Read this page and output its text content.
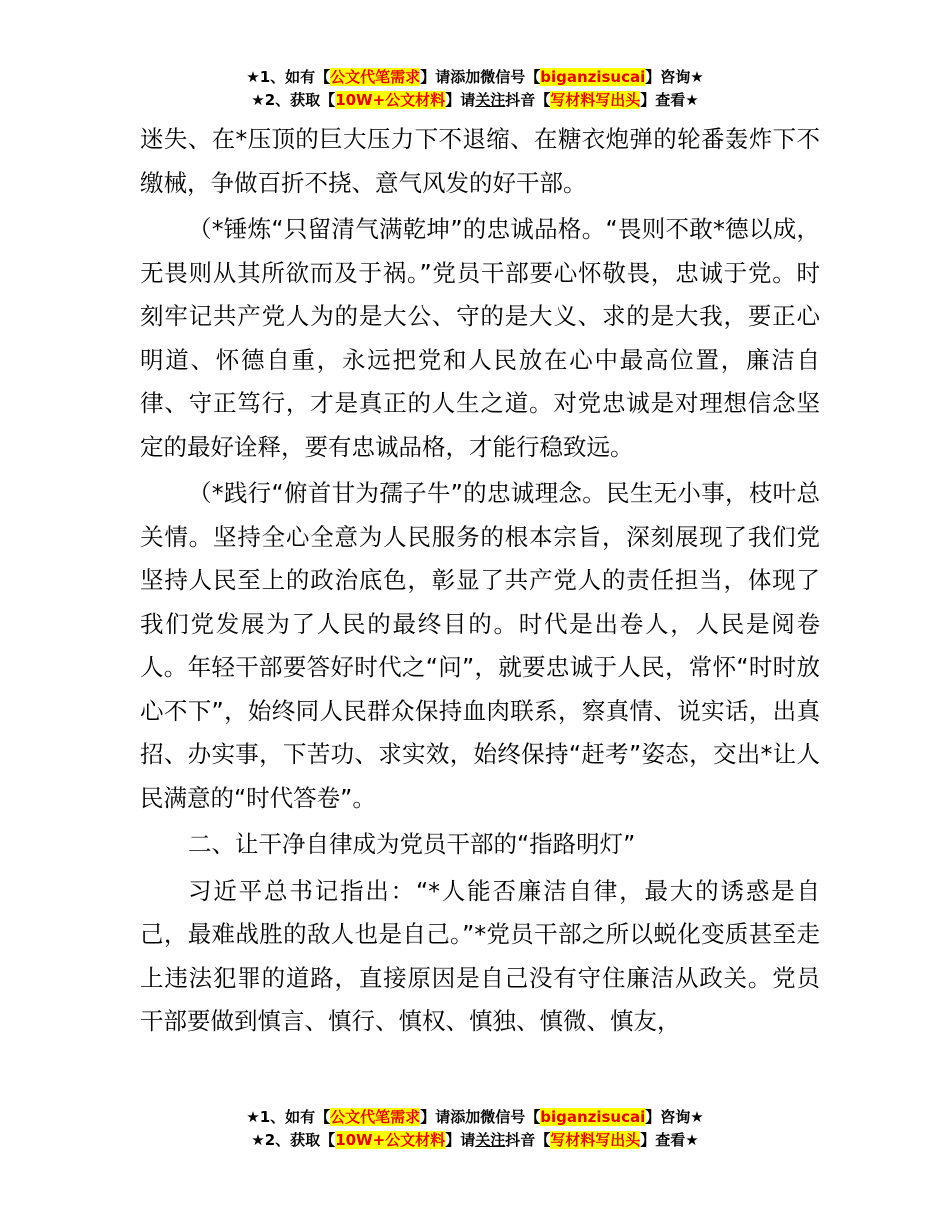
★1、如有【公文代笔需求】请添加微信号【biganzisucai】咨询★
★2、获取【10W+公文材料】请关注抖音【写材料写出头】查看★

迷失、在*压顶的巨大压力下不退缩、在糖衣炮弹的轮番轰炸下不缴械，争做百折不挠、意气风发的好干部。

（*锤炼“只留清气满乾坤”的忠诚品格。“畏则不敢*德以成，无畏则从其所欲而及于祸。”党员干部要心怀敬畏，忠诚于党。时刻牢记共产党人为的是大公、守的是大义、求的是大我，要正心明道、怀德自重，永远把党和人民放在心中最高位置，廉洁自律、守正笃行，才是真正的人生之道。对党忠诚是对理想信念坚定的最好诠释，要有忠诚品格，才能行稳致远。

（*践行“俯首甘为孺子牛”的忠诚理念。民生无小事，枝叶总关情。坚持全心全意为人民服务的根本宗旨，深刻展现了我们党坚持人民至上的政治底色，彰显了共产党人的责任担当，体现了我们党发展为了人民的最终目的。时代是出卷人，人民是阅卷人。年轻干部要答好时代之“问”，就要忠诚于人民，常怀“时时放心不下”，始终同人民群众保持血肉联系，察真情、说实话，出真招、办实事，下苦功、求实效，始终保持“赶考”姿态，交出*让人民满意的“时代答卷”。

二、让干净自律成为党员干部的“指路明灯”

习近平总书记指出：“*人能否廉洁自律，最大的诱惑是自己，最难战胜的敌人也是自己。”*党员干部之所以蜕化变质甚至走上违法犯罪的道路，直接原因是自己没有守住廉洁从政关。党员干部要做到慎言、慎行、慎权、慎独、慎微、慎友，

★1、如有【公文代笔需求】请添加微信号【biganzisucai】咨询★
★2、获取【10W+公文材料】请关注抖音【写材料写出头】查看★
